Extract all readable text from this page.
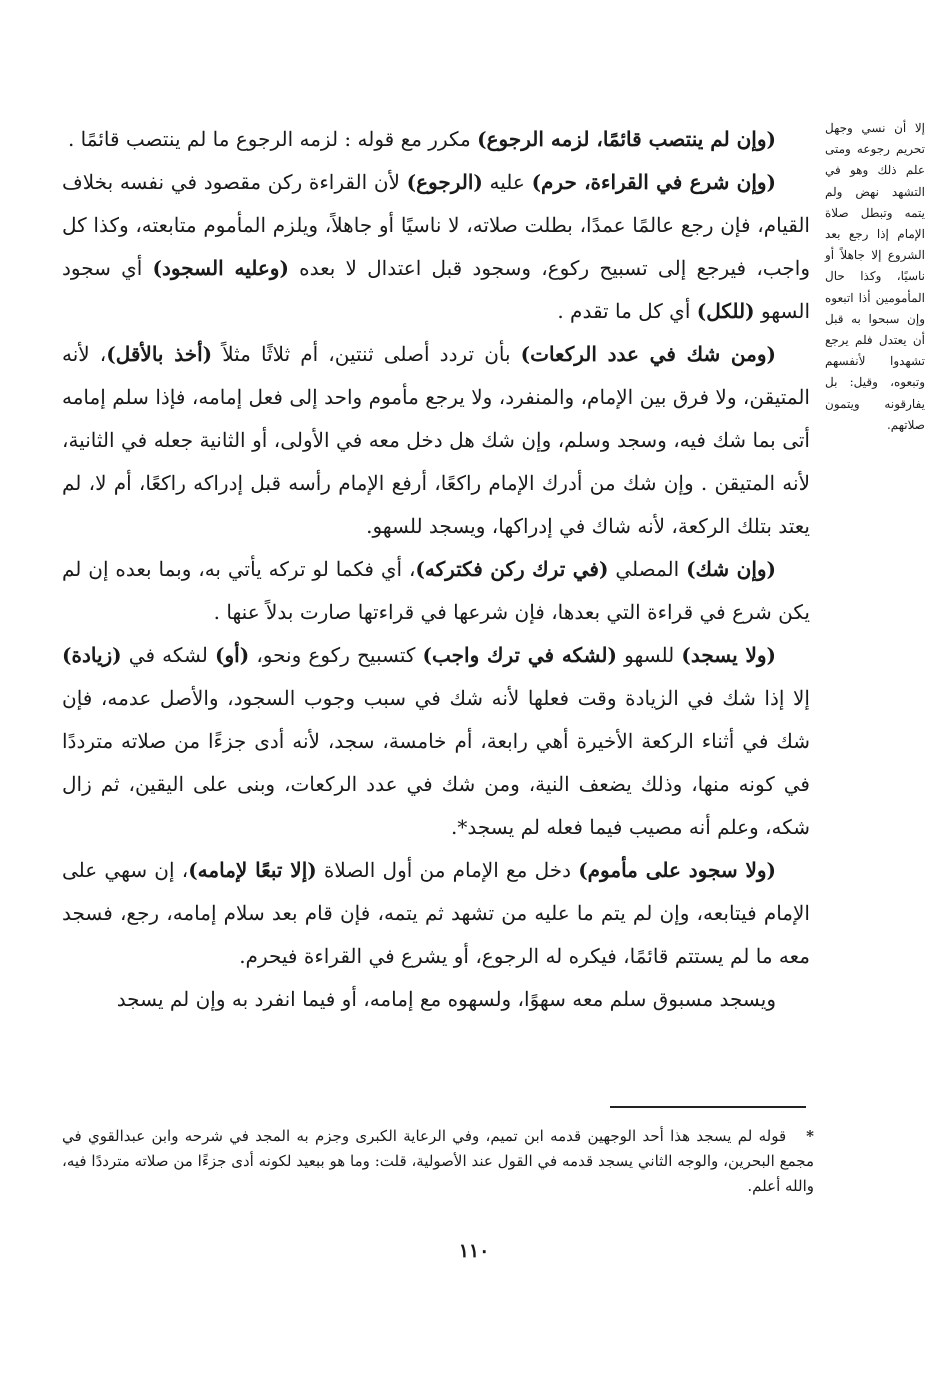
إلا أن نسي وجهل تحريم رجوعه ومتى علم ذلك وهو في التشهد نهض ولم يتمه وتبطل صلاة الإمام إذا رجع بعد الشروع إلا جاهلاً أو ناسيًا، وكذا حال المأمومين أذا اتبعوه وإن سبحوا به قبل أن يعتدل فلم يرجع تشهدوا لأنفسهم وتبعوه، وقيل: بل يفارقونه ويتمون صلاتهم.

(وإن لم ينتصب قائمًا، لزمه الرجوع) مكرر مع قوله : لزمه الرجوع ما لم ينتصب قائمًا .

(وإن شرع في القراءة، حرم) عليه (الرجوع) لأن القراءة ركن مقصود في نفسه بخلاف القيام، فإن رجع عالمًا عمدًا، بطلت صلاته، لا ناسيًا أو جاهلاً، ويلزم المأموم متابعته، وكذا كل واجب، فيرجع إلى تسبيح ركوع، وسجود قبل اعتدال لا بعده (وعليه السجود) أي سجود السهو (للكل) أي كل ما تقدم .

(ومن شك في عدد الركعات) بأن تردد أصلى ثنتين، أم ثلاثًا مثلاً (أخذ بالأقل)، لأنه المتيقن، ولا فرق بين الإمام، والمنفرد، ولا يرجع مأموم واحد إلى فعل إمامه، فإذا سلم إمامه أتى بما شك فيه، وسجد وسلم، وإن شك هل دخل معه في الأولى، أو الثانية جعله في الثانية، لأنه المتيقن . وإن شك من أدرك الإمام راكعًا، أرفع الإمام رأسه قبل إدراكه راكعًا، أم لا، لم يعتد بتلك الركعة، لأنه شاك في إدراكها، ويسجد للسهو.

(وإن شك) المصلي (في ترك ركن فكتركه)، أي فكما لو تركه يأتي به، وبما بعده إن لم يكن شرع في قراءة التي بعدها، فإن شرعها في قراءتها صارت بدلاً عنها .

(ولا يسجد) للسهو (لشكه في ترك واجب) كتسبيح ركوع ونحو، (أو) لشكه في (زيادة) إلا إذا شك في الزيادة وقت فعلها لأنه شك في سبب وجوب السجود، والأصل عدمه، فإن شك في أثناء الركعة الأخيرة أهي رابعة، أم خامسة، سجد، لأنه أدى جزءًا من صلاته مترددًا في كونه منها، وذلك يضعف النية، ومن شك في عدد الركعات، وبنى على اليقين، ثم زال شكه، وعلم أنه مصيب فيما فعله لم يسجد*.

(ولا سجود على مأموم) دخل مع الإمام من أول الصلاة (إلا تبعًا لإمامه)، إن سهي على الإمام فيتابعه، وإن لم يتم ما عليه من تشهد ثم يتمه، فإن قام بعد سلام إمامه، رجع، فسجد معه ما لم يستتم قائمًا، فيكره له الرجوع، أو يشرع في القراءة فيحرم.

ويسجد مسبوق سلم معه سهوًا، ولسهوه مع إمامه، أو فيما انفرد به وإن لم يسجد

*قوله لم يسجد هذا أحد الوجهين قدمه ابن تميم، وفي الرعاية الكبرى وجزم به المجد في شرحه وابن عبدالقوي في مجمع البحرين، والوجه الثاني يسجد قدمه في القول عند الأصولية، قلت: وما هو ببعيد لكونه أدى جزءًا من صلاته مترددًا فيه، والله أعلم.
١١٠
